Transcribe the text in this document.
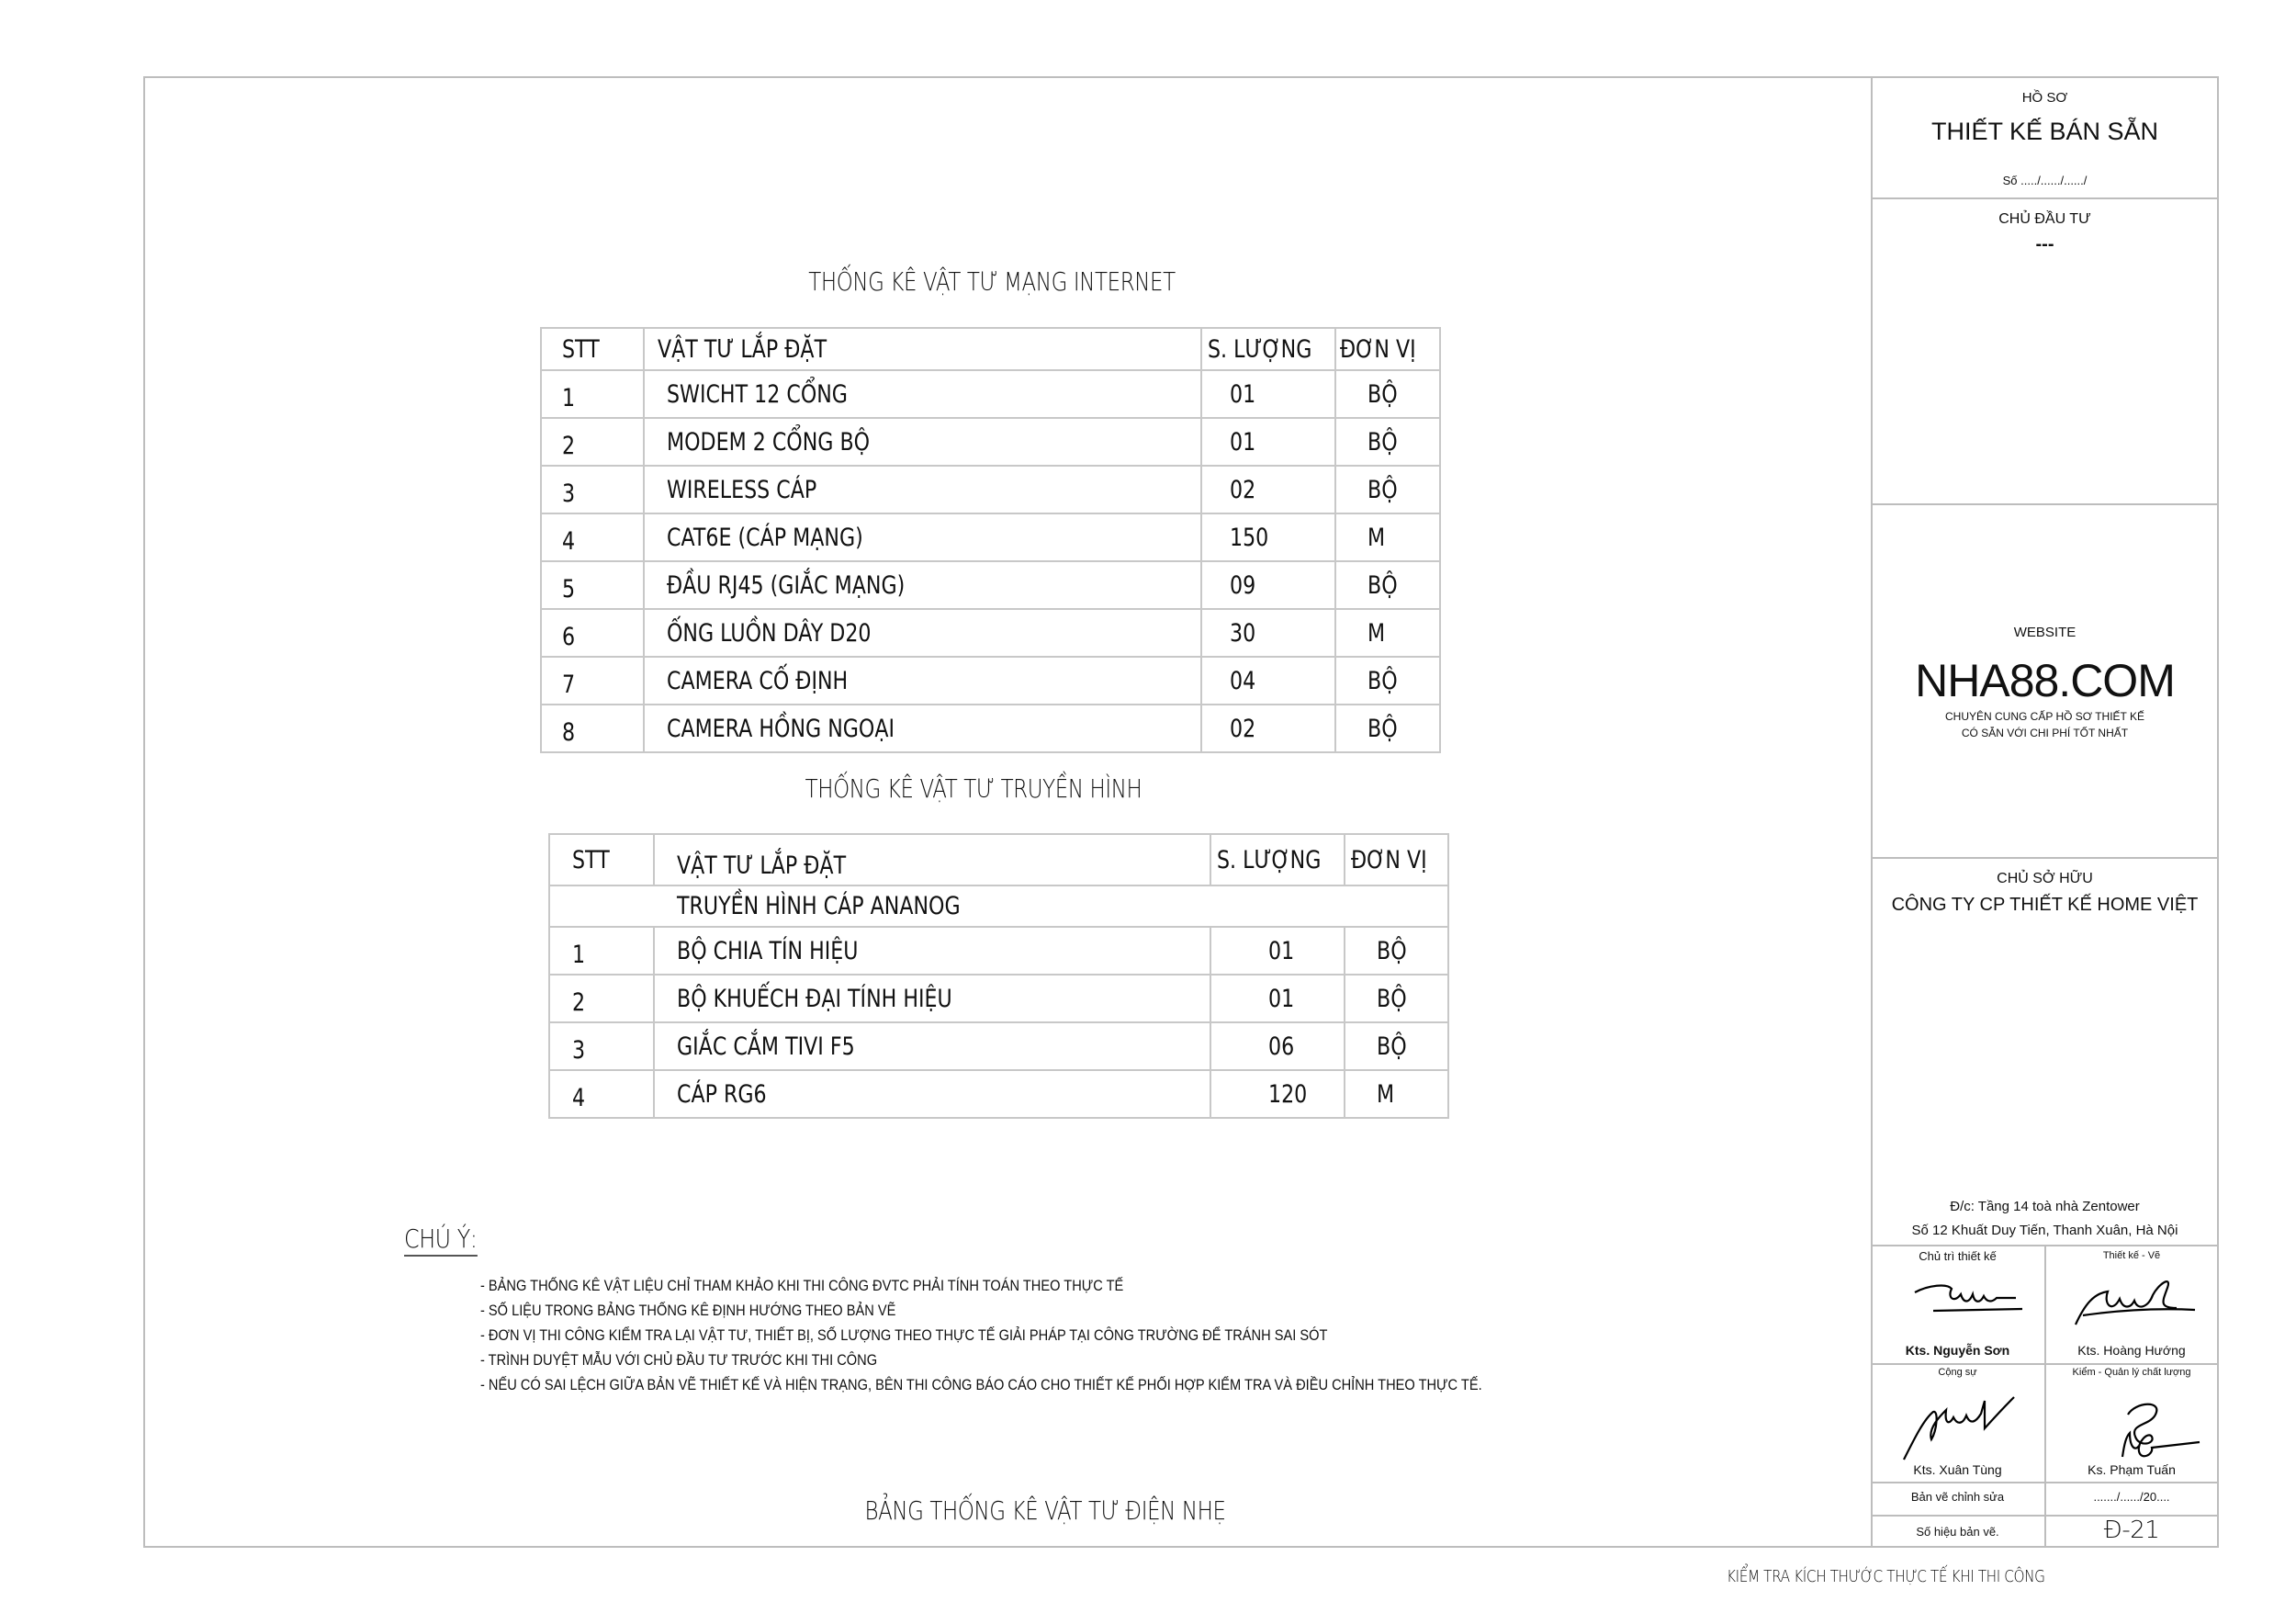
THỐNG KÊ VẬT TƯ MẠNG INTERNET
STT	VẬT TƯ LẮP ĐẶT	S. LƯỢNG	ĐƠN VỊ
1	SWICHT 12 CỔNG	01	BỘ
2	MODEM 2 CỔNG BỘ	01	BỘ
3	WIRELESS CÁP	02	BỘ
4	CAT6E (CÁP MẠNG)	150	M
5	ĐẦU RJ45 (GIẮC MẠNG)	09	BỘ
6	ỐNG LUỒN DÂY D20	30	M
7	CAMERA CỐ ĐỊNH	04	BỘ
8	CAMERA HỒNG NGOẠI	02	BỘ
THỐNG KÊ VẬT TƯ TRUYỀN HÌNH
STT	VẬT TƯ LẮP ĐẶT	S. LƯỢNG	ĐƠN VỊ
TRUYỀN HÌNH CÁP ANANOG			
1	BỘ CHIA TÍN HIỆU	01	BỘ
2	BỘ KHUẾCH ĐẠI TÍNH HIỆU	01	BỘ
3	GIẮC CẮM TIVI F5	06	BỘ
4	CÁP RG6	120	M
CHÚ Ý:
- BẢNG THỐNG KÊ VẬT LIỆU CHỈ THAM KHẢO KHI THI CÔNG ĐVTC PHẢI TÍNH TOÁN THEO THỰC TẾ
- SỐ LIỆU TRONG BẢNG THỐNG KÊ ĐỊNH HƯỚNG THEO BẢN VẼ
- ĐƠN VỊ THI CÔNG KIỂM TRA LẠI VẬT TƯ, THIẾT BỊ, SỐ LƯỢNG THEO THỰC TẾ GIẢI PHÁP TẠI CÔNG TRƯỜNG ĐỂ TRÁNH SAI SÓT
- TRÌNH DUYỆT MẪU VỚI CHỦ ĐẦU TƯ TRƯỚC KHI THI CÔNG
- NẾU CÓ SAI LỆCH GIỮA BẢN VẼ THIẾT KẾ VÀ HIỆN TRẠNG, BÊN THI CÔNG BÁO CÁO CHO THIẾT KẾ PHỐI HỢP KIỂM TRA VÀ ĐIỀU CHỈNH THEO THỰC TẾ.
BẢNG THỐNG KÊ VẬT TƯ ĐIỆN NHẸ
KIỂM TRA KÍCH THƯỚC THỰC TẾ KHI THI CÔNG
HỒ SƠ
THIẾT KẾ BÁN SẴN
Số ...../....../....../
CHỦ ĐẦU TƯ
---
WEBSITE
NHA88.COM
CHUYÊN CUNG CẤP HỒ SƠ THIẾT KẾ
CÓ SẴN VỚI CHI PHÍ TỐT NHẤT
CHỦ SỞ HỮU
CÔNG TY CP THIẾT KẾ HOME VIỆT
Đ/c: Tầng 14 toà nhà Zentower
Số 12 Khuất Duy Tiến, Thanh Xuân, Hà Nội
Chủ trì thiết kế	Thiết kế - Vẽ
Kts. Nguyễn Sơn	Kts. Hoàng Hướng
Cộng sự	Kiểm - Quản lý chất lượng
Kts. Xuân Tùng	Ks. Phạm Tuấn
Bản vẽ chỉnh sửa	......./....../20....
Số hiệu bản vẽ.	Đ-21
